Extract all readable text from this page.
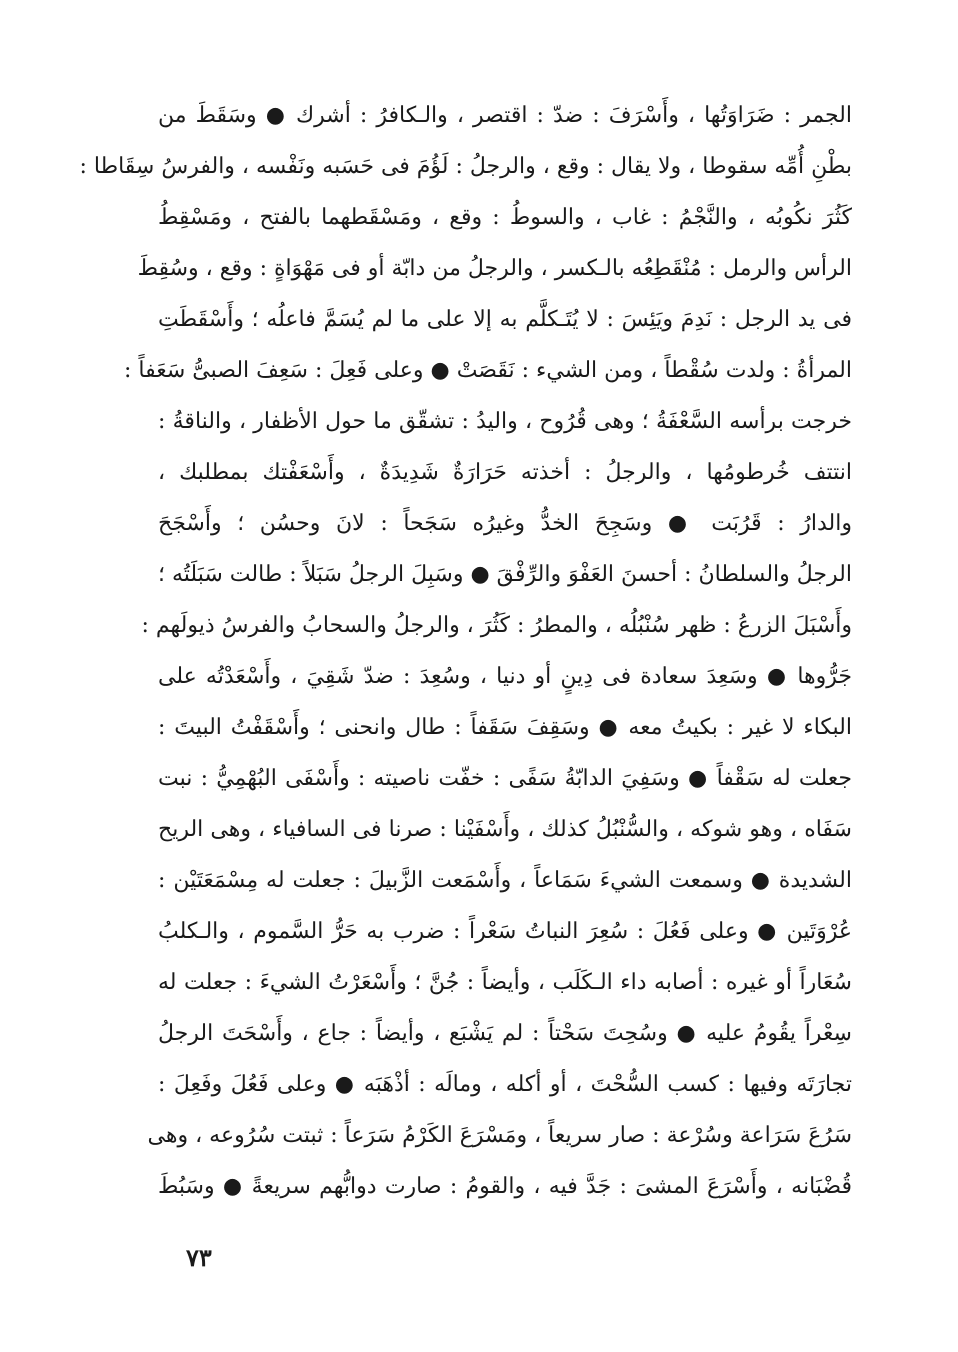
الجمر : ضَرَاوَتُها ، وأَسْرَفَ : ضدّ : اقتصر ، والـكافرُ : أشرك ● وسَقَطَ من
بطْنِ أُمِّه سقوطا ، ولا يقال : وقع ، والرجلُ : لَؤُمَ فى حَسَبه ونَفْسه ، والفرسُ سِقَاطا :
كَثُرَ نكُوبُه ، والنَّجْمُ : غاب ، والسوطُ : وقع ، ومَسْقَطهما بالفتح ، ومَسْقِطُ
الرأس والرمل : مُنْقَطِعُه بالـكسر ، والرجلُ من دابّة أو فى مَهْوَاةٍ : وقع ، وسُقِطَ
فى يد الرجل : نَدِمَ ويَئِسَ : لا يُتَـكلَّم به إلا على ما لم يُسَمَّ فاعلُه ؛ وأَسْقَطَتِ
المرأةُ : ولدت سُقْطاً ، ومن الشيء : نَقَصَتْ ● وعلى فَعِلَ : سَعِفَ الصبىُّ سَعَفاً :
خرجت برأسه السَّعْفَةُ ؛ وهى قُرُوح ، واليدُ : تشقّق ما حول الأظفار ، والناقةُ :
انتتف خُرطومُها ، والرجلُ : أخذته حَرَارَةٌ شَدِيدَةٌ ، وأَسْعَفْتك بمطلبك ،
والدارُ : قَرُبَت ● وسَجِحَ الخدُّ وغيرُه سَجَحاً : لانَ وحسُن ؛ وأَسْجَحَ
الرجلُ والسلطانُ : أحسنَ العَفْوَ والرِّفْقَ ● وسَبِلَ الرجلُ سَبَلاً : طالت سَبَلَتُه ؛
وأَسْبَلَ الزرعُ : ظهر سُنْبُلُه ، والمطرُ : كَثُرَ ، والرجلُ والسحابُ والفرسُ ذيولَهم :
جَرُّوها ● وسَعِدَ سعادة فى دِينٍ أو دنيا ، وسُعِدَ : ضدّ شَقِيَ ، وأَسْعَدْتُه على
البكاء لا غير : بكيتُ معه ● وسَقِفَ سَقَفاً : طال وانحنى ؛ وأَسْقَفْتُ البيتَ :
جعلت له سَقْفاً ● وسَفِيَ الدابّةُ سَفًى : خفّت ناصيته : وأَسْفَى البُهْمِيُّ : نبت
سَفَاه ، وهو شوكه ، والسُّنْبُلُ كذلك ، وأَسْفَيْنا : صرنا فى السافياء ، وهى الريح
الشديدة ● وسمعت الشيءَ سَمَاعاً ، وأَسْمَعت الزَّبيلَ : جعلت له مِسْمَعَتَيْن :
عُرْوَتَين ● وعلى فَعُلَ : سُعِرَ النباتُ سَعْراً : ضرب به حَرُّ السَّموم ، والـكلبُ
سُعَاراً أو غيره : أصابه داء الـكَلَب ، وأيضاً : جُنَّ ؛ وأَسْعَرْتُ الشيءَ : جعلت له
سِعْراً يقُومُ عليه ● وسُحِتَ سَحْتاً : لم يَشْبَع ، وأيضاً : جاع ، وأَسْحَتَ الرجلُ
تجارَتَه وفيها : كسب السُّحْتَ ، أو أكله ، ومالَه : أذْهَبَه ● وعلى فَعُلَ وفَعِلَ :
سَرُعَ سَرَاعة وسُرْعة : صار سريعاً ، ومَسْرَعَ الكَرْمُ سَرَعاً : ثبتت سُرُوعه ، وهى
قُضْبَانه ، وأَسْرَعَ المشىَ : جَدَّ فيه ، والقومُ : صارت دوابُّهم سريعةً ● وسَبُطَ
٧٣
